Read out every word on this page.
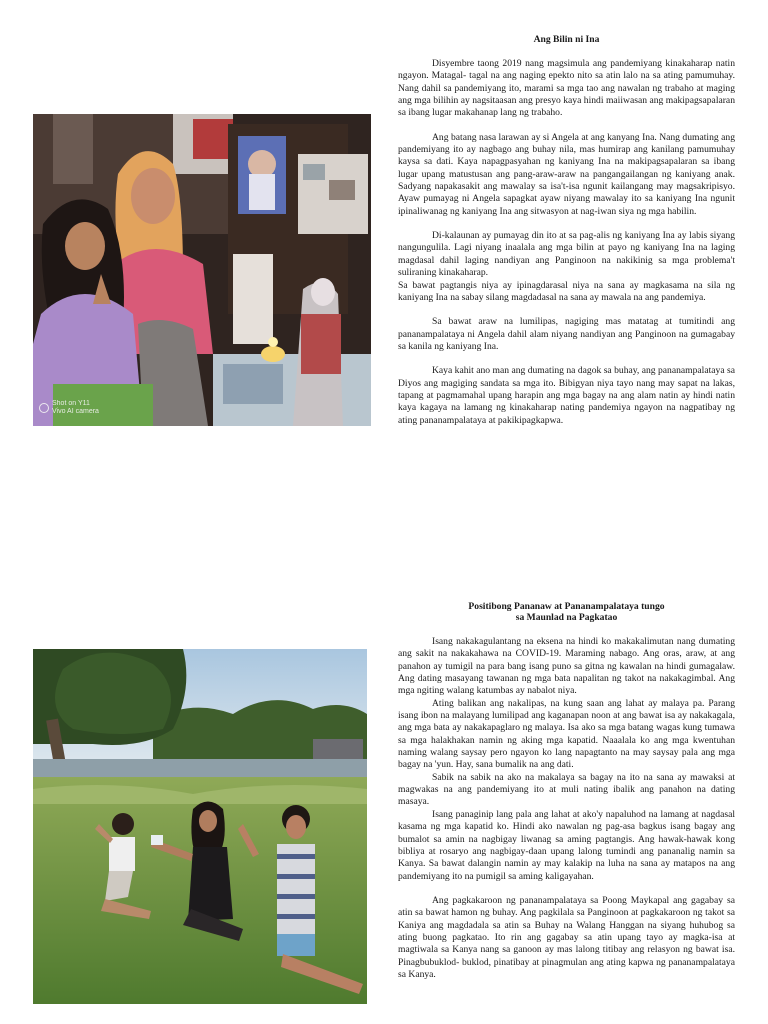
Shot on Y11
Vivo AI camera
Ang Bilin ni Ina

Disyembre taong 2019 nang magsimula ang pandemiyang kinakaharap natin ngayon. Matagal- tagal na ang naging epekto nito sa atin lalo na sa ating pamumuhay. Nang dahil sa pandemiyang ito, marami sa mga tao ang nawalan ng trabaho at maging ang mga bilihin ay nagsitaasan ang presyo kaya hindi maiiwasan ang makipagsapalaran sa ibang lugar makahanap lang ng trabaho.

Ang batang nasa larawan ay si Angela at ang kanyang Ina. Nang dumating ang pandemiyang ito ay nagbago ang buhay nila, mas humirap ang kanilang pamumuhay kaysa sa dati. Kaya napagpasyahan ng kaniyang Ina na makipagsapalaran sa ibang lugar upang matustusan ang pang-araw-araw na pangangailangan ng kaniyang anak. Sadyang napakasakit ang mawalay sa isa't-isa ngunit kailangang may magsakripisyo. Ayaw pumayag ni Angela sapagkat ayaw niyang mawalay ito sa kaniyang Ina ngunit ipinaliwanag ng kaniyang Ina ang sitwasyon at nag-iwan siya ng mga habilin.

Di-kalaunan ay pumayag din ito at sa pag-alis ng kaniyang Ina ay labis siyang nangungulila. Lagi niyang inaalala ang mga bilin at payo ng kaniyang Ina na laging magdasal dahil laging nandiyan ang Panginoon na nakikinig sa mga problema't suliraning kinakaharap.

Sa bawat pagtangis niya ay ipinagdarasal niya na sana ay magkasama na sila ng kaniyang Ina na sabay silang magdadasal na sana ay mawala na ang pandemiya.

Sa bawat araw na lumilipas, nagiging mas matatag at tumitindi ang pananampalataya ni Angela dahil alam niyang nandiyan ang Panginoon na gumagabay sa kanila ng kaniyang Ina.

Kaya kahit ano man ang dumating na dagok sa buhay, ang pananampalataya sa Diyos ang magiging sandata sa mga ito. Bibigyan niya tayo nang may sapat na lakas, tapang at pagmamahal upang harapin ang mga bagay na ang alam natin ay hindi natin kaya kagaya na lamang ng kinakaharap nating pandemiya ngayon na nagpatibay ng ating pananampalataya at pakikipagkapwa.

Positibong Pananaw at Pananampalataya tungo
sa Maunlad na Pagkatao

Isang nakakagulantang na eksena na hindi ko makakalimutan nang dumating ang sakit na nakakahawa na COVID-19. Maraming nabago. Ang oras, araw, at ang panahon ay tumigil na para bang isang puno sa gitna ng kawalan na hindi gumagalaw. Ang dating masayang tawanan ng mga bata napalitan ng takot na nakakagimbal. Ang mga ngiting walang katumbas ay nabalot niya.

Ating balikan ang nakalipas, na kung saan ang lahat ay malaya pa. Parang isang ibon na malayang lumilipad ang kaganapan noon at ang bawat isa ay nakakagala, ang mga bata ay nakakapaglaro ng malaya. Isa ako sa mga batang wagas kung tumawa sa mga halakhakan namin ng aking mga kapatid. Naaalala ko ang mga kwentuhan naming walang saysay pero ngayon ko lang napagtanto na may saysay pala ang mga bagay na 'yun. Hay, sana bumalik na ang dati.

Sabik na sabik na ako na makalaya sa bagay na ito na sana ay mawaksi at magwakas na ang pandemiyang ito at muli nating ibalik ang panahon na dating masaya.

Isang panaginip lang pala ang lahat at ako'y napaluhod na lamang at nagdasal kasama ng mga kapatid ko. Hindi ako nawalan ng pag-asa bagkus isang bagay ang bumalot sa amin na nagbigay liwanag sa aming pagtangis. Ang hawak-hawak kong bibliya at rosaryo ang nagbigay-daan upang lalong tumindi ang pananalig namin sa Kanya. Sa bawat dalangin namin ay may kalakip na luha na sana ay matapos na ang pandemiyang ito na pumigil sa aming kaligayahan.

Ang pagkakaroon ng pananampalataya sa Poong Maykapal ang gagabay sa atin sa bawat hamon ng buhay. Ang pagkilala sa Panginoon at pagkakaroon ng takot sa Kaniya ang magdadala sa atin sa Buhay na Walang Hanggan na siyang huhubog sa ating buong pagkatao. Ito rin ang gagabay sa atin upang tayo ay magka-isa at magtiwala sa Kanya nang sa ganoon ay mas lalong titibay ang relasyon ng bawat isa. Pinagbubuklod- buklod, pinatibay at pinagmulan ang ating kapwa ng pananampalataya sa Kanya.
